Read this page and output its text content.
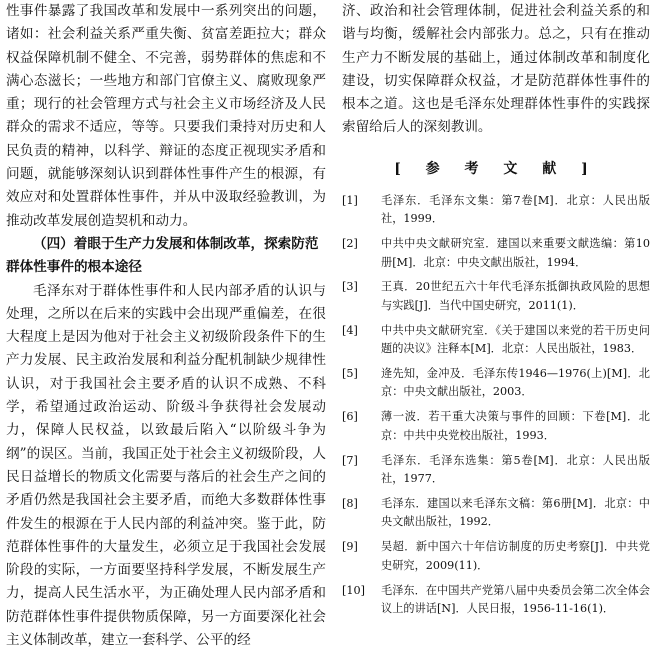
性事件暴露了我国改革和发展中一系列突出的问题，诸如：社会利益关系严重失衡、贫富差距拉大；群众权益保障机制不健全、不完善，弱势群体的焦虑和不满心态滋长；一些地方和部门官僚主义、腐败现象严重；现行的社会管理方式与社会主义市场经济及人民群众的需求不适应，等等。只要我们秉持对历史和人民负责的精神，以科学、辩证的态度正视现实矛盾和问题，就能够深刻认识到群体性事件产生的根源，有效应对和处置群体性事件，并从中汲取经验教训，为推动改革发展创造契机和动力。

（四）着眼于生产力发展和体制改革，探索防范群体性事件的根本途径

毛泽东对于群体性事件和人民内部矛盾的认识与处理，之所以在后来的实践中会出现严重偏差，在很大程度上是因为他对于社会主义初级阶段条件下的生产力发展、民主政治发展和利益分配机制缺少规律性认识，对于我国社会主要矛盾的认识不成熟、不科学，希望通过政治运动、阶级斗争获得社会发展动力，保障人民权益，以致最后陷入“以阶级斗争为纲”的误区。当前，我国正处于社会主义初级阶段，人民日益增长的物质文化需要与落后的社会生产之间的矛盾仍然是我国社会主要矛盾，而绝大多数群体性事件发生的根源在于人民内部的利益冲突。鉴于此，防范群体性事件的大量发生，必须立足于我国社会发展阶段的实际，一方面要坚持科学发展，不断发展生产力，提高人民生活水平，为正确处理人民内部矛盾和防范群体性事件提供物质保障，另一方面要深化社会主义体制改革，建立一套科学、公平的经

济、政治和社会管理体制，促进社会利益关系的和谐与均衡，缓解社会内部张力。总之，只有在推动生产力不断发展的基础上，通过体制改革和制度化建设，切实保障群众权益，才是防范群体性事件的根本之道。这也是毛泽东处理群体性事件的实践探索留给后人的深刻教训。

[ 参 考 文 献 ]
[1]	毛泽东．毛泽东文集：第7卷[M]．北京：人民出版社，1999．
[2]	中共中央文献研究室．建国以来重要文献选编：第10册[M]．北京：中央文献出版社，1994．
[3]	王真．20世纪五六十年代毛泽东抵御执政风险的思想与实践[J]．当代中国史研究，2011(1)．
[4]	中共中央文献研究室．《关于建国以来党的若干历史问题的决议》注释本[M]．北京：人民出版社，1983．
[5]	逄先知，金冲及．毛泽东传1946—1976(上)[M]．北京：中央文献出版社，2003．
[6]	薄一波．若干重大决策与事件的回顾：下卷[M]．北京：中共中央党校出版社，1993．
[7]	毛泽东．毛泽东选集：第5卷[M]．北京：人民出版社，1977．
[8]	毛泽东．建国以来毛泽东文稿：第6册[M]．北京：中央文献出版社，1992．
[9]	吴超．新中国六十年信访制度的历史考察[J]．中共党史研究，2009(11)．
[10]	毛泽东．在中国共产党第八届中央委员会第二次全体会议上的讲话[N]．人民日报，1956-11-16(1)．
